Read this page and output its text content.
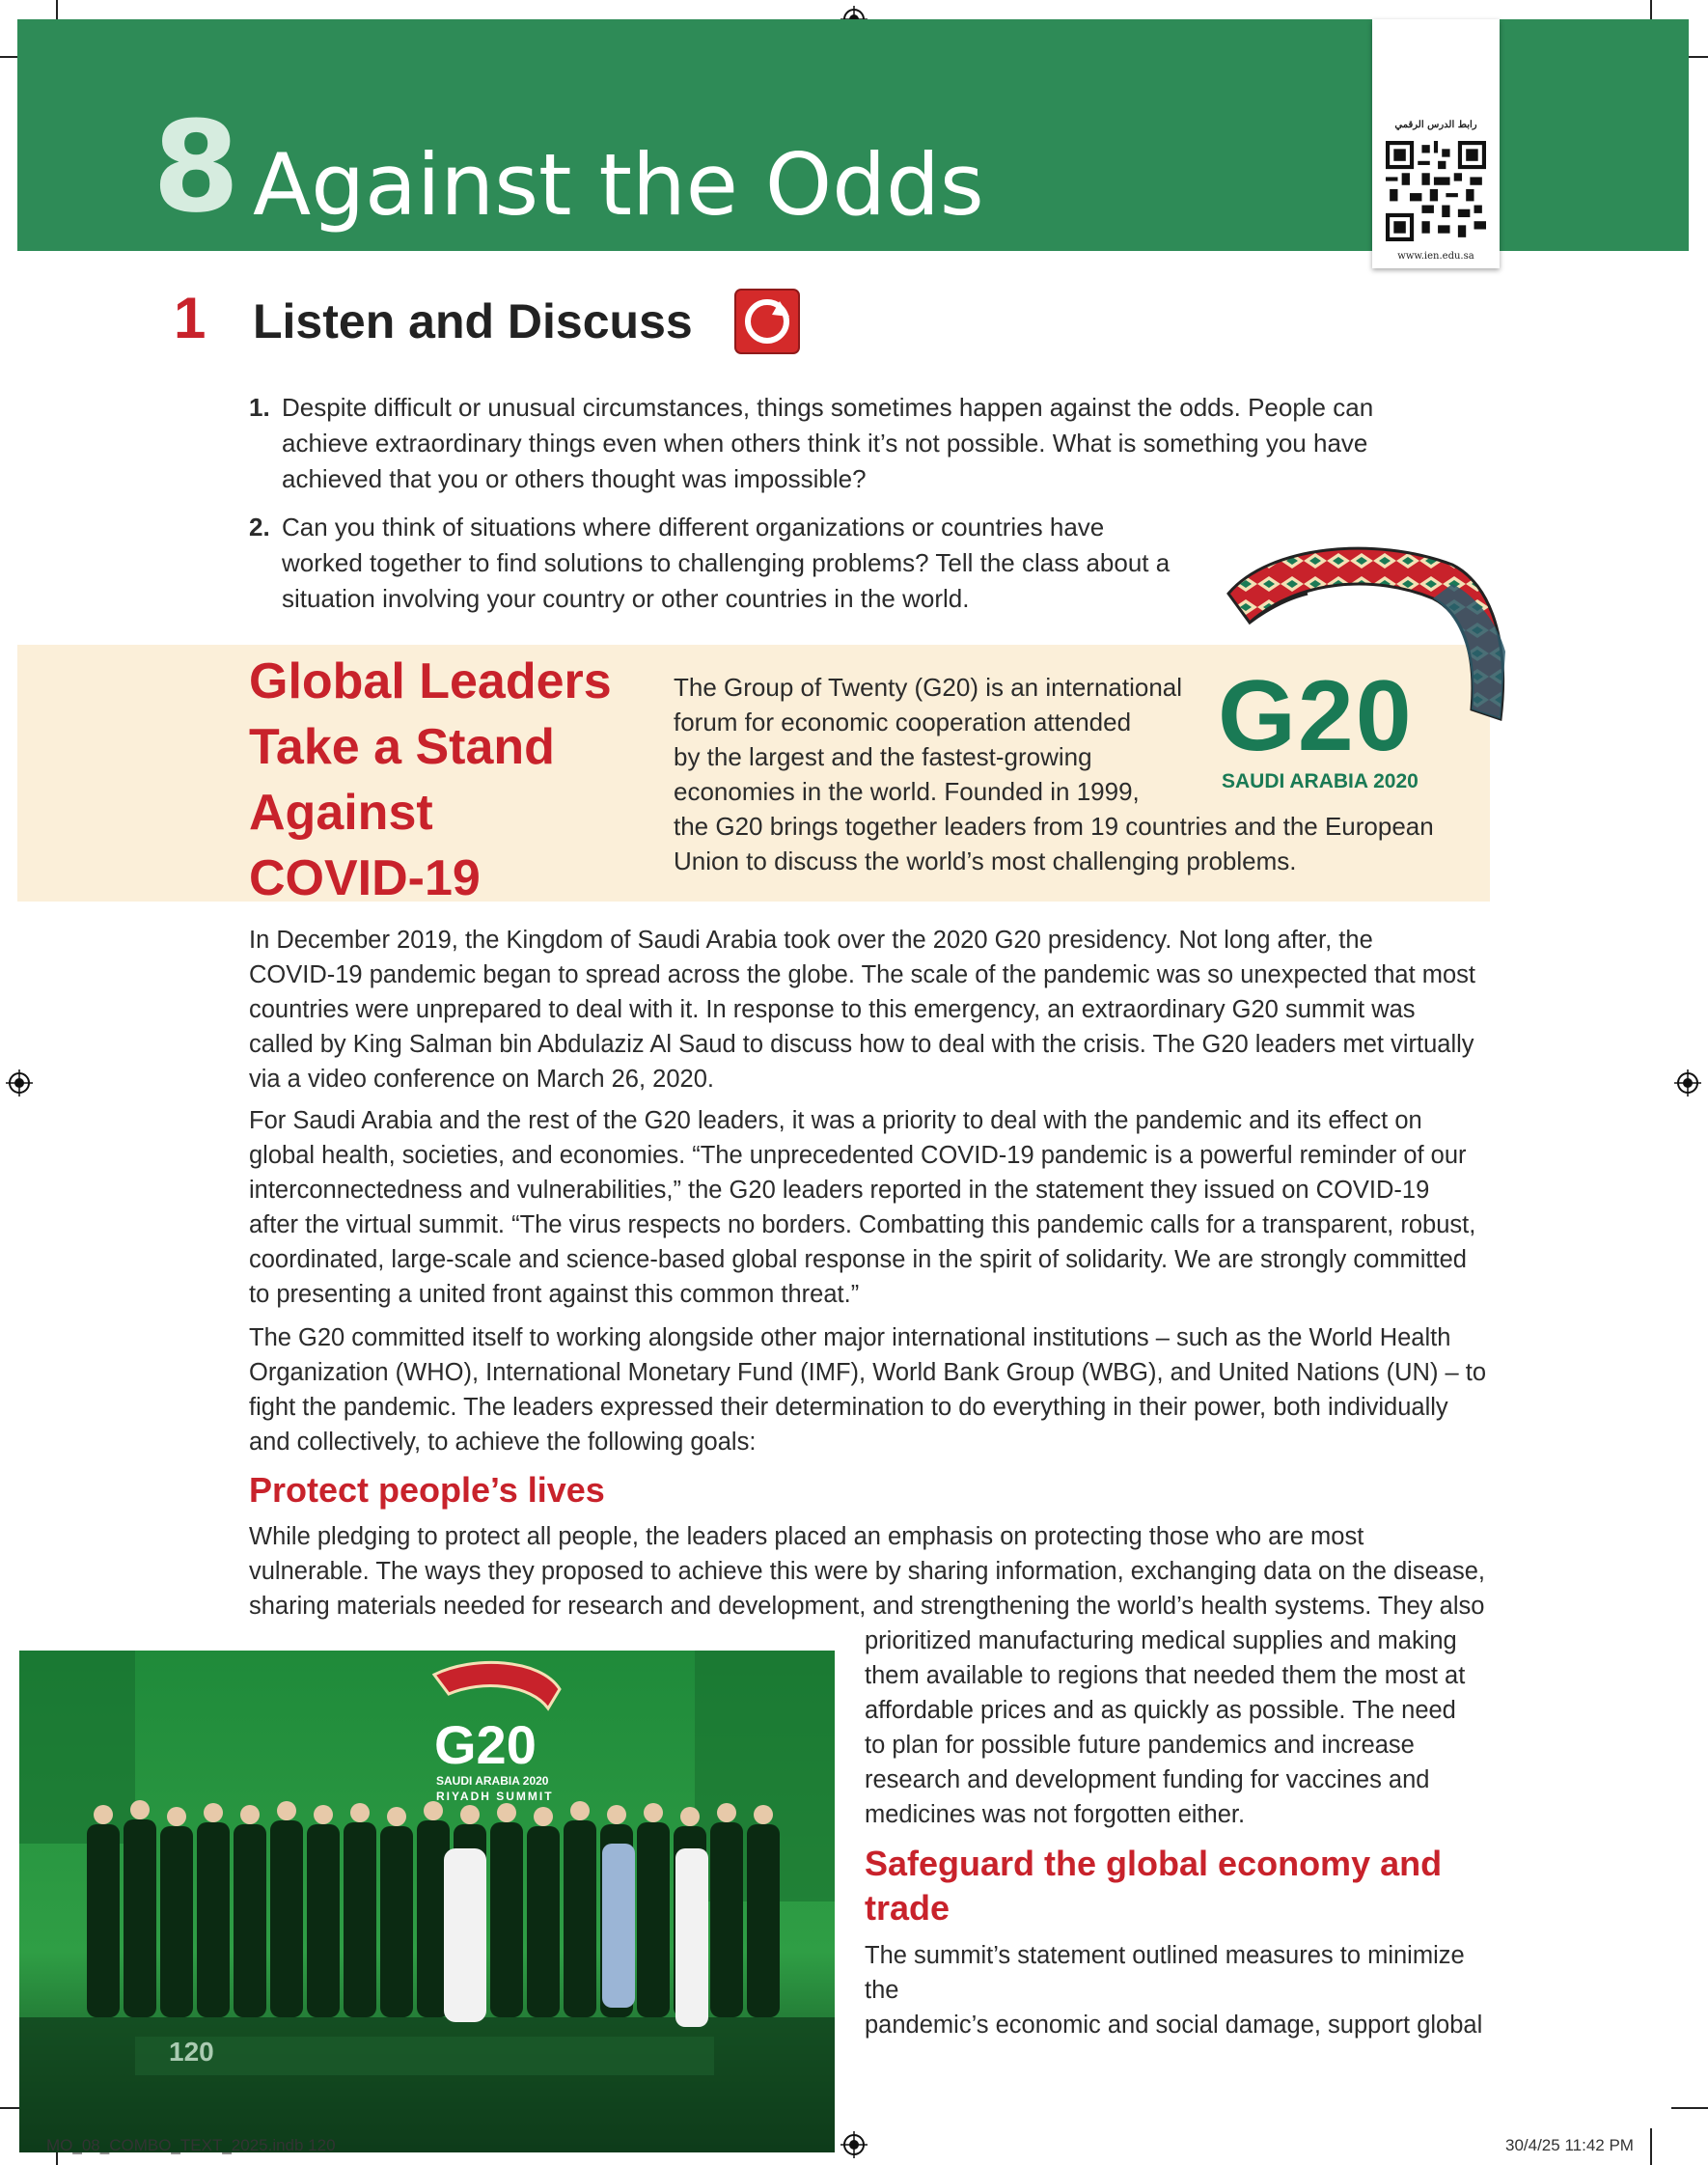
8 Against the Odds
رابط الدرس الرقمي
www.ien.edu.sa
1 Listen and Discuss
1. Despite difficult or unusual circumstances, things sometimes happen against the odds. People can
achieve extraordinary things even when others think it’s not possible. What is something you have
achieved that you or others thought was impossible?
2. Can you think of situations where different organizations or countries have
worked together to find solutions to challenging problems? Tell the class about a
situation involving your country or other countries in the world.
Global Leaders
Take a Stand
Against
COVID-19
The Group of Twenty (G20) is an international
forum for economic cooperation attended
by the largest and the fastest-growing
economies in the world. Founded in 1999,
the G20 brings together leaders from 19 countries and the European
Union to discuss the world’s most challenging problems.
G20
SAUDI ARABIA 2020
In December 2019, the Kingdom of Saudi Arabia took over the 2020 G20 presidency. Not long after, the
COVID-19 pandemic began to spread across the globe. The scale of the pandemic was so unexpected that most
countries were unprepared to deal with it. In response to this emergency, an extraordinary G20 summit was
called by King Salman bin Abdulaziz Al Saud to discuss how to deal with the crisis. The G20 leaders met virtually
via a video conference on March 26, 2020.
For Saudi Arabia and the rest of the G20 leaders, it was a priority to deal with the pandemic and its effect on
global health, societies, and economies. “The unprecedented COVID-19 pandemic is a powerful reminder of our
interconnectedness and vulnerabilities,” the G20 leaders reported in the statement they issued on COVID-19
after the virtual summit. “The virus respects no borders. Combatting this pandemic calls for a transparent, robust,
coordinated, large-scale and science-based global response in the spirit of solidarity. We are strongly committed
to presenting a united front against this common threat.”
The G20 committed itself to working alongside other major international institutions – such as the World Health
Organization (WHO), International Monetary Fund (IMF), World Bank Group (WBG), and United Nations (UN) – to
fight the pandemic. The leaders expressed their determination to do everything in their power, both individually
and collectively, to achieve the following goals:
Protect people’s lives
While pledging to protect all people, the leaders placed an emphasis on protecting those who are most
vulnerable. The ways they proposed to achieve this were by sharing information, exchanging data on the disease,
sharing materials needed for research and development, and strengthening the world’s health systems. They also
prioritized manufacturing medical supplies and making
them available to regions that needed them the most at
affordable prices and as quickly as possible. The need
to plan for possible future pandemics and increase
research and development funding for vaccines and
medicines was not forgotten either.
Safeguard the global economy and
trade
The summit’s statement outlined measures to minimize the
pandemic’s economic and social damage, support global
G20
SAUDI ARABIA 2020
RIYADH SUMMIT
120
MO_08_COMBO_TEXT_2025.indb 120	30/4/25 11:42 PM
